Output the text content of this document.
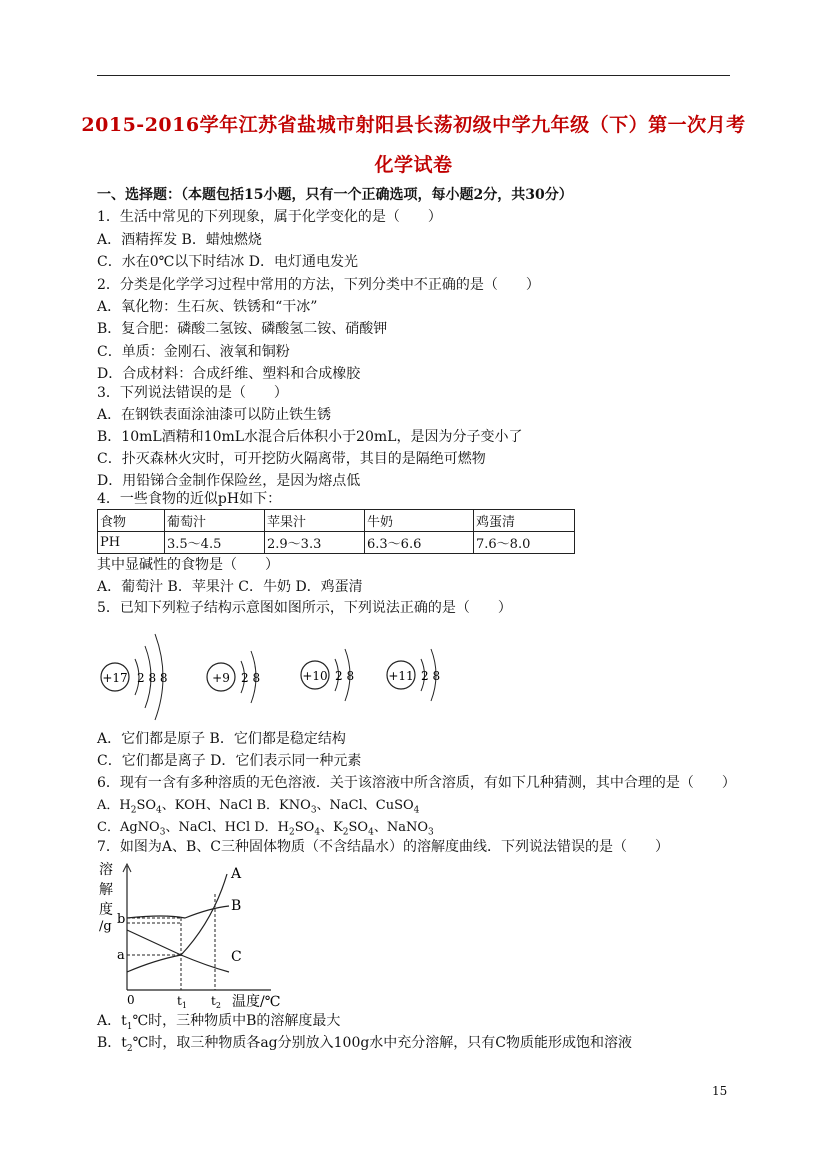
2015-2016学年江苏省盐城市射阳县长荡初级中学九年级（下）第一次月考
化学试卷
一、选择题：（本题包括15小题，只有一个正确选项，每小题2分，共30分）
1．生活中常见的下列现象，属于化学变化的是（　　）
A．酒精挥发 B．蜡烛燃烧
C．水在0℃以下时结冰 D．电灯通电发光
2．分类是化学学习过程中常用的方法，下列分类中不正确的是（　　）
A．氧化物：生石灰、铁锈和“干冰”
B．复合肥：磷酸二氢铵、磷酸氢二铵、硝酸钾
C．单质：金刚石、液氧和铜粉
D．合成材料：合成纤维、塑料和合成橡胶
3．下列说法错误的是（　　）
A．在钢铁表面涂油漆可以防止铁生锈
B．10mL酒精和10mL水混合后体积小于20mL，是因为分子变小了
C．扑灭森林火灾时，可开挖防火隔离带，其目的是隔绝可燃物
D．用铅锑合金制作保险丝，是因为熔点低
4．一些食物的近似pH如下：
食物	葡萄汁	苹果汁	牛奶	鸡蛋清
PH	3.5～4.5	2.9～3.3	6.3～6.6	7.6～8.0
其中显碱性的食物是（　　）
A．葡萄汁 B．苹果汁 C．牛奶 D．鸡蛋清
5．已知下列粒子结构示意图如图所示，下列说法正确的是（　　）
+17 2 8 8	+9 2 8	+10 2 8	+11 2 8
A．它们都是原子 B．它们都是稳定结构
C．它们都是离子 D．它们表示同一种元素
6．现有一含有多种溶质的无色溶液．关于该溶液中所含溶质，有如下几种猜测，其中合理的是（　　）
A．$H_2SO_4$、KOH、NaCl B．$KNO_3$、NaCl、CuSO$_4$
C．AgNO$_3$、NaCl、HCl D．$H_2SO_4$、$K_2SO_4$、NaNO$_3$
7．如图为A、B、C三种固体物质（不含结晶水）的溶解度曲线．下列说法错误的是（　　）
溶
解
度
/g
A
B
C
b
a
0	$t_1$ $t_2$ 温度/℃
A．$t_1℃$时，三种物质中B的溶解度最大
B．$t_2℃$时，取三种物质各ag分别放入100g水中充分溶解，只有C物质能形成饱和溶液
15
